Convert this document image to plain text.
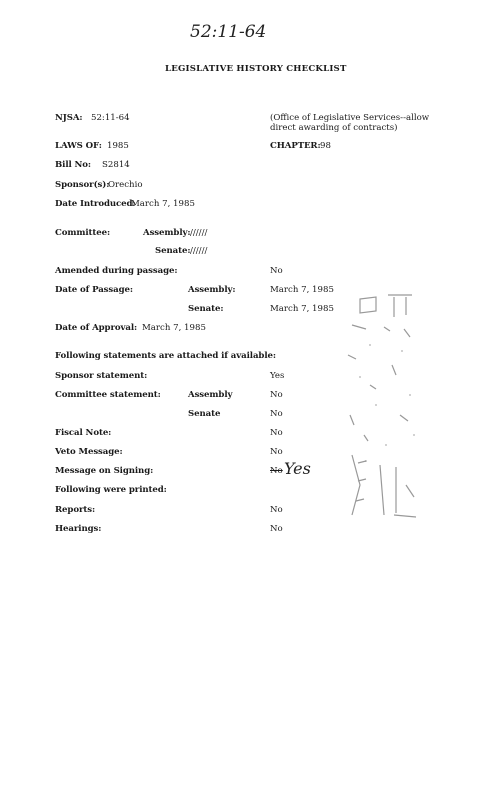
52:11-64
LEGISLATIVE HISTORY CHECKLIST
NJSA: 52:11-64	(Office of Legislative Services--allow direct awarding of contracts)
LAWS OF: 1985	CHAPTER: 98
Bill No: S2814
Sponsor(s):
Orechio
Date Introduced:
March 7, 1985
Committee:	Assembly: //////
Senate: //////
Amended during passage:	No
Date of Passage:	Assembly:	March 7, 1985
Senate:	March 7, 1985
Date of Approval: March 7, 1985
Following statements are attached if available:
Sponsor statement:	Yes
Committee statement:	Assembly	No
Senate	No
Fiscal Note:	No
Veto Message:	No
Message on Signing:	No Yes
Following were printed:
Reports:	No
Hearings:	No
